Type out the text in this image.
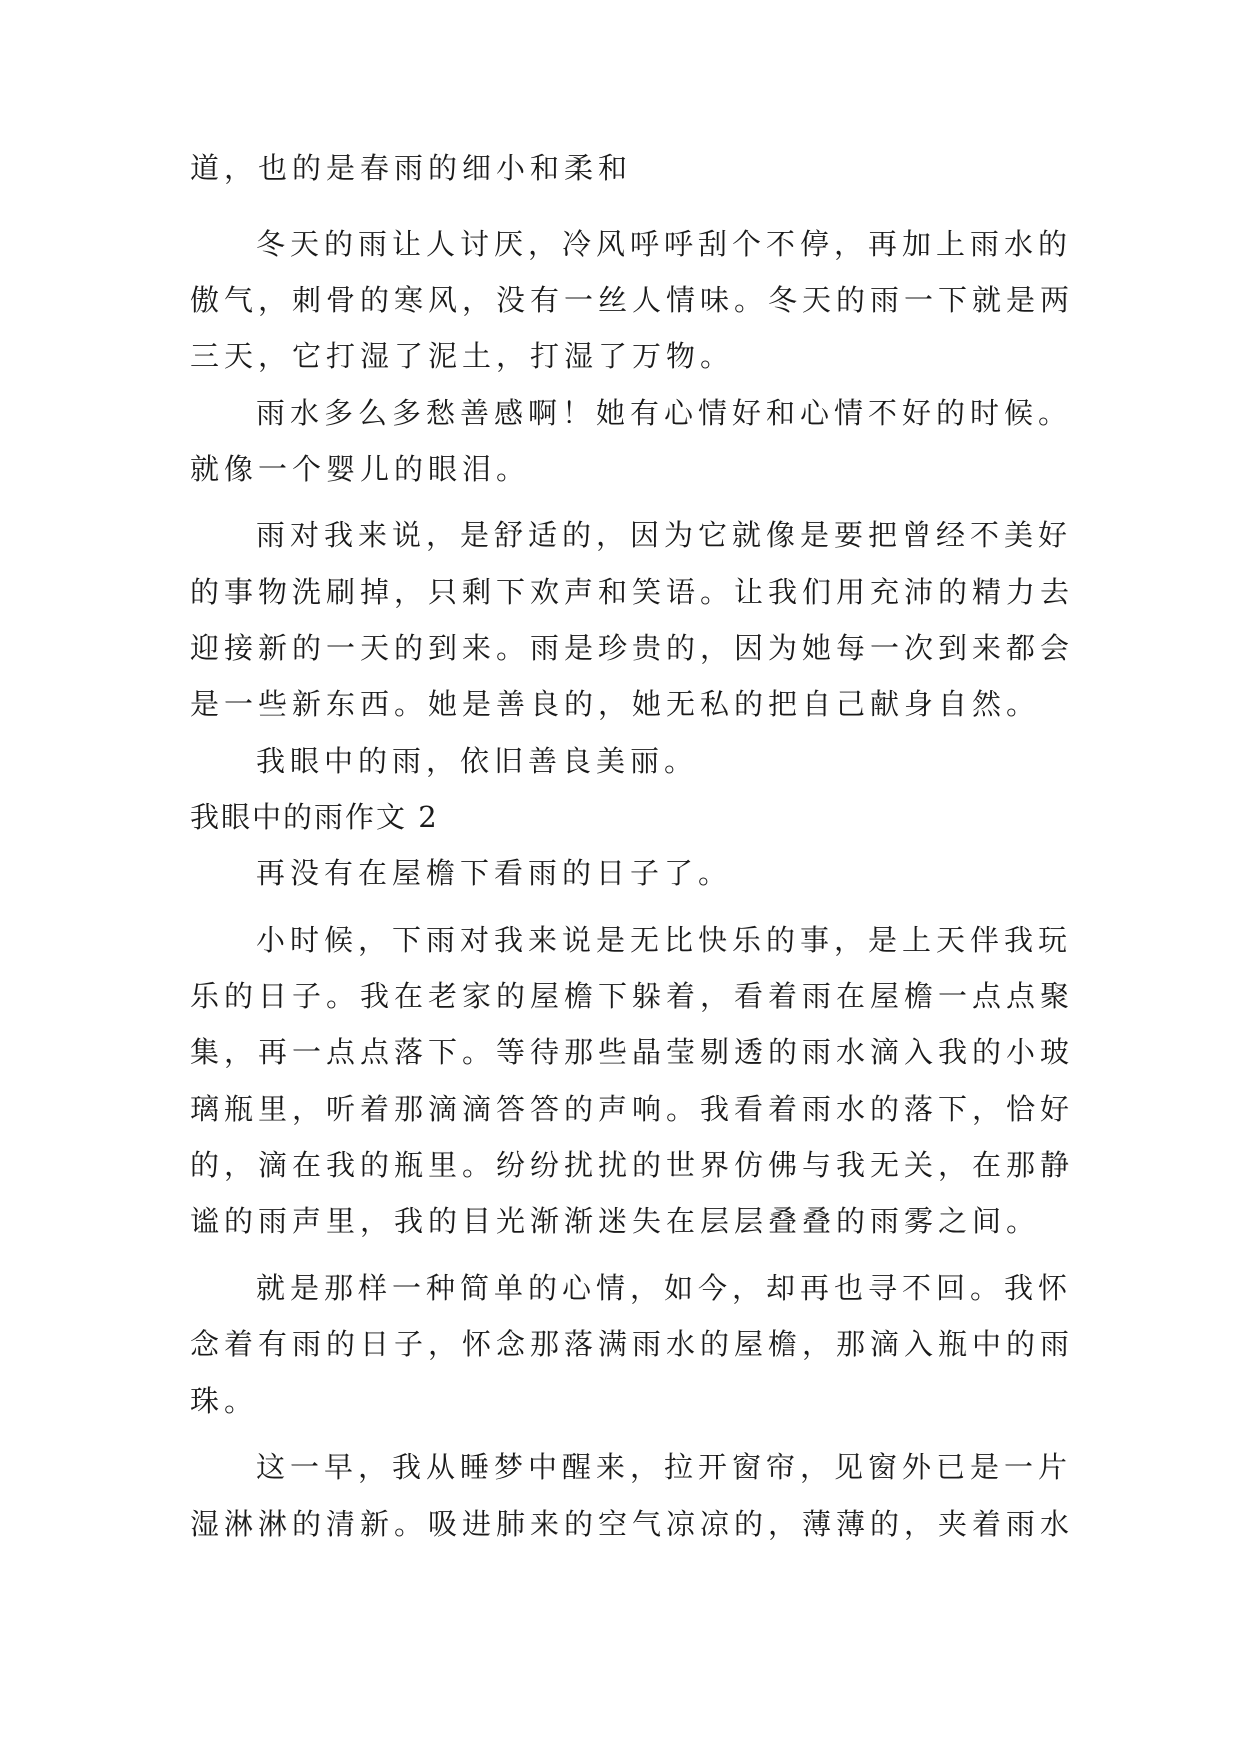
道，也的是春雨的细小和柔和
冬天的雨让人讨厌，冷风呼呼刮个不停，再加上雨水的
傲气，刺骨的寒风，没有一丝人情味。冬天的雨一下就是两
三天，它打湿了泥土，打湿了万物。
雨水多么多愁善感啊！她有心情好和心情不好的时候。
就像一个婴儿的眼泪。
雨对我来说，是舒适的，因为它就像是要把曾经不美好
的事物洗刷掉，只剩下欢声和笑语。让我们用充沛的精力去
迎接新的一天的到来。雨是珍贵的，因为她每一次到来都会
是一些新东西。她是善良的，她无私的把自己献身自然。
我眼中的雨，依旧善良美丽。
我眼中的雨作文 2
再没有在屋檐下看雨的日子了。
小时候，下雨对我来说是无比快乐的事，是上天伴我玩
乐的日子。我在老家的屋檐下躲着，看着雨在屋檐一点点聚
集，再一点点落下。等待那些晶莹剔透的雨水滴入我的小玻
璃瓶里，听着那滴滴答答的声响。我看着雨水的落下，恰好
的，滴在我的瓶里。纷纷扰扰的世界仿佛与我无关，在那静
谧的雨声里，我的目光渐渐迷失在层层叠叠的雨雾之间。
就是那样一种简单的心情，如今，却再也寻不回。我怀
念着有雨的日子，怀念那落满雨水的屋檐，那滴入瓶中的雨
珠。
这一早，我从睡梦中醒来，拉开窗帘，见窗外已是一片
湿淋淋的清新。吸进肺来的空气凉凉的，薄薄的，夹着雨水
